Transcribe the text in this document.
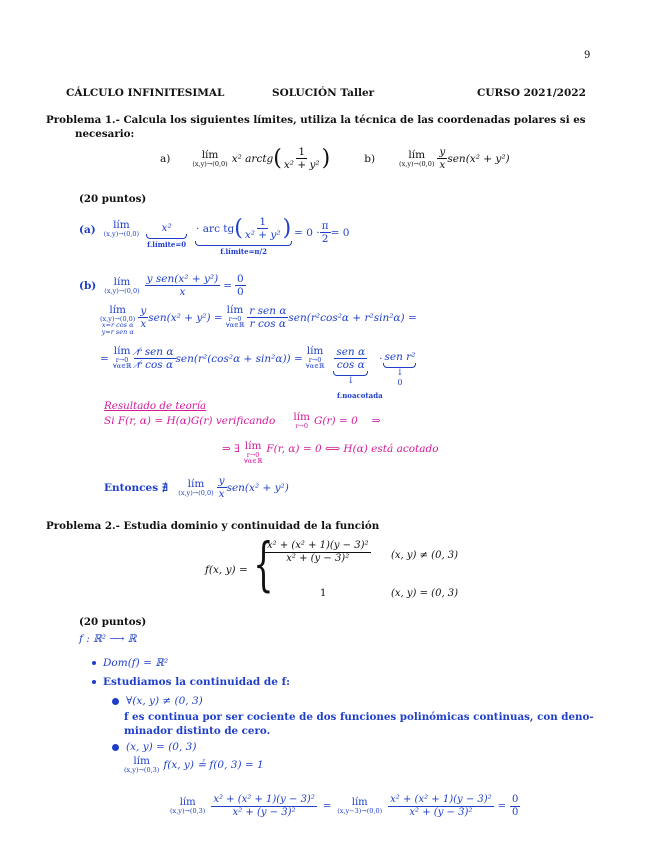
9
CÁLCULO INFINITESIMAL	SOLUCIÓN Taller	CURSO 2021/2022
Problema 1.- Calcula los siguientes límites, utiliza la técnica de las coordenadas polares si es
necesario:
a)	lím
(x,y)→(0,0) x² arctg ( $\frac{1}{\text{x² + y²}}$ )	b)	lím
$(x,y)\to(0,0) \frac{y}{x} sen(x^2 + y^2)$
(20 puntos)
(a) lím
(x,y)→(0,0) x²
f.límite=0
· arc tg ( $\frac{1}{\text{x² + y²}}$ )
f.límite=π/2
= $0 \cdot \frac{\pi}{2} = 0$
(b) lím
$(x,y)\to(0,0) \frac{\text{y sen(x² + y²)}}{x} = \frac{0}{0}$
lím
(x,y)→(0,0)
x=r cos α
y=r sen α
$\frac{y}{x} sen(x^2 + y^2)$ =
lím
r→0
∀α∈ℝ $\frac{\text{r sen α}}{\text{r cos α}} sen(r^2\cos^2\alpha + r^2\sin^2\alpha)$ =
=
lím
r→0
∀α∈ℝ $\frac{\text{r̸ sen α}}{\text{r̸ cos α}} sen(r^2(\cos^2\alpha + \sin^2\alpha))$ =
lím
r→0
∀α∈ℝ $\frac{\text{sen α}}{\text{cos α}}$
↓
· sen r²
↓
0
f.noacotada
Resultado de teoría
Si F(r, α) = H(α)G(r) verificando lím
r→0 G(r) = 0 ⇒
⇒ ∃ lím
r→0
∀α∈ℝ
F(r, α) = 0 ⟺ H(α) está acotado
Entonces ∄ lím
$(x,y)\to(0,0) \frac{y}{x} sen(x^2 + y^2)$
Problema 2.- Estudia dominio y continuidad de la función
f(x, y) = {
$\frac{\text{x² + (x² + 1)(y − 3)²}}{\text{x² + (y − 3)²}} (x$, y) ≠ (0, 3)
1	(x, y) = (0, 3)
(20 puntos)
f : ℝ² ⟶ ℝ
Dom(f) = ℝ²
Estudiamos la continuidad de f:
∀(x, y) ≠ (0, 3)
f es continua por ser cociente de dos funciones polinómicas continuas, con deno-
minador distinto de cero.
(x, y) = (0, 3)
lím
(x,y)→(0,3) f(x, y) ≟ f(0, 3) = 1
lím
$(x,y)\to(0,3) \frac{\text{x² + (x² + 1)(y − 3)²}}{\text{x² + (y − 3)²}}$ = lím
$(x,y-3)\to(0,0) \frac{\text{x² + (x² + 1)(y − 3)²}}{\text{x² + (y − 3)²}} = \frac{0}{0}$
